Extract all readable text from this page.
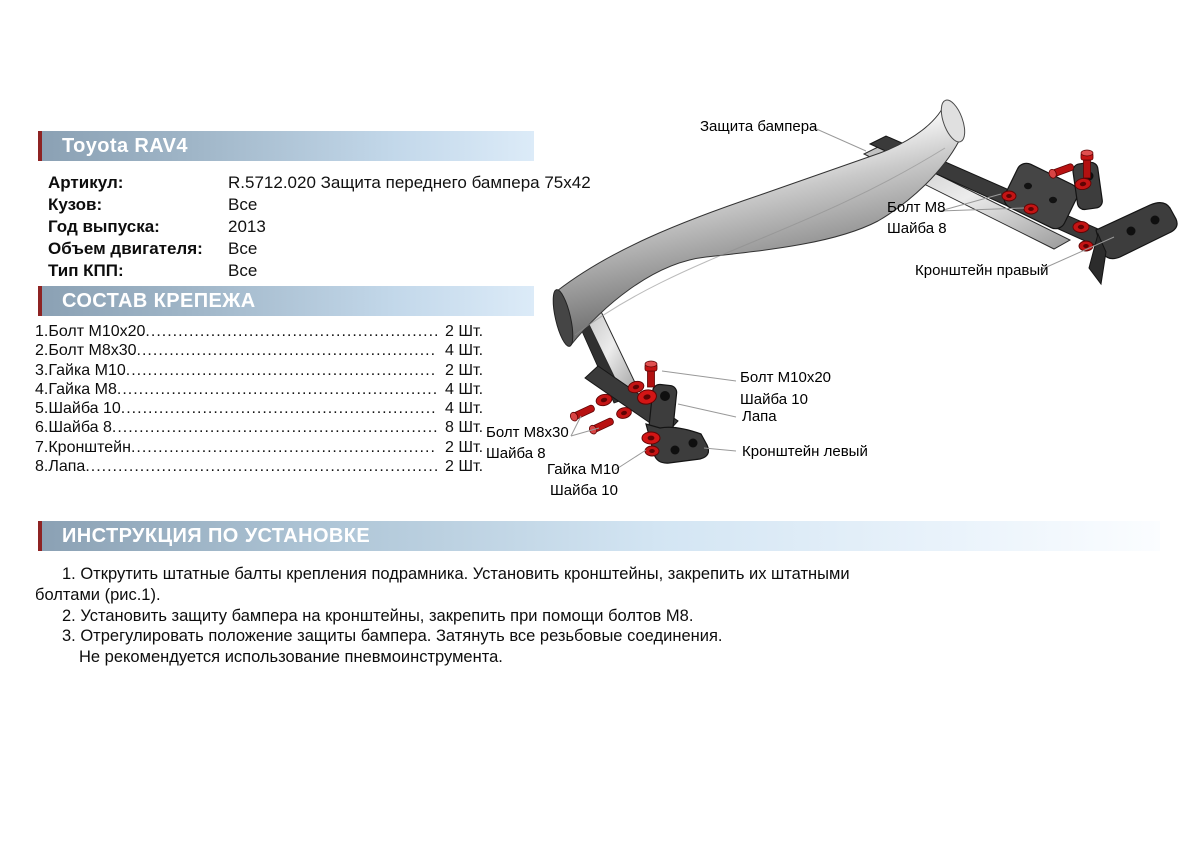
Защита бампера
Болт М8
Шайба 8
Кронштейн правый
Болт М10х20
Шайба 10
Лапа
Кронштейн левый
Болт М8х30
Шайба 8
Гайка М10
Шайба 10
Toyota RAV4
Артикул:	R.5712.020 Защита переднего бампера 75х42
Кузов:	Все
Год выпуска:	2013
Объем двигателя:	Все
Тип КПП:	Все
СОСТАВ КРЕПЕЖА
1.Болт М10х20 .....	2 Шт.
2.Болт М8х30 .....	4 Шт.
3.Гайка М10 .....	2 Шт.
4.Гайка М8 .....	4 Шт.
5.Шайба 10 .....	4 Шт.
6.Шайба 8 .....	8 Шт.
7.Кронштейн .....	2 Шт.
8.Лапа .....	2 Шт.
ИНСТРУКЦИЯ ПО УСТАНОВКЕ
1. Открутить штатные балты крепления подрамника. Установить кронштейны, закрепить их штатными
болтами (рис.1).
2. Установить защиту бампера на кронштейны, закрепить при помощи болтов М8.
3. Отрегулировать положение защиты бампера. Затянуть все резьбовые соединения.
Не рекомендуется использование пневмоинструмента.
